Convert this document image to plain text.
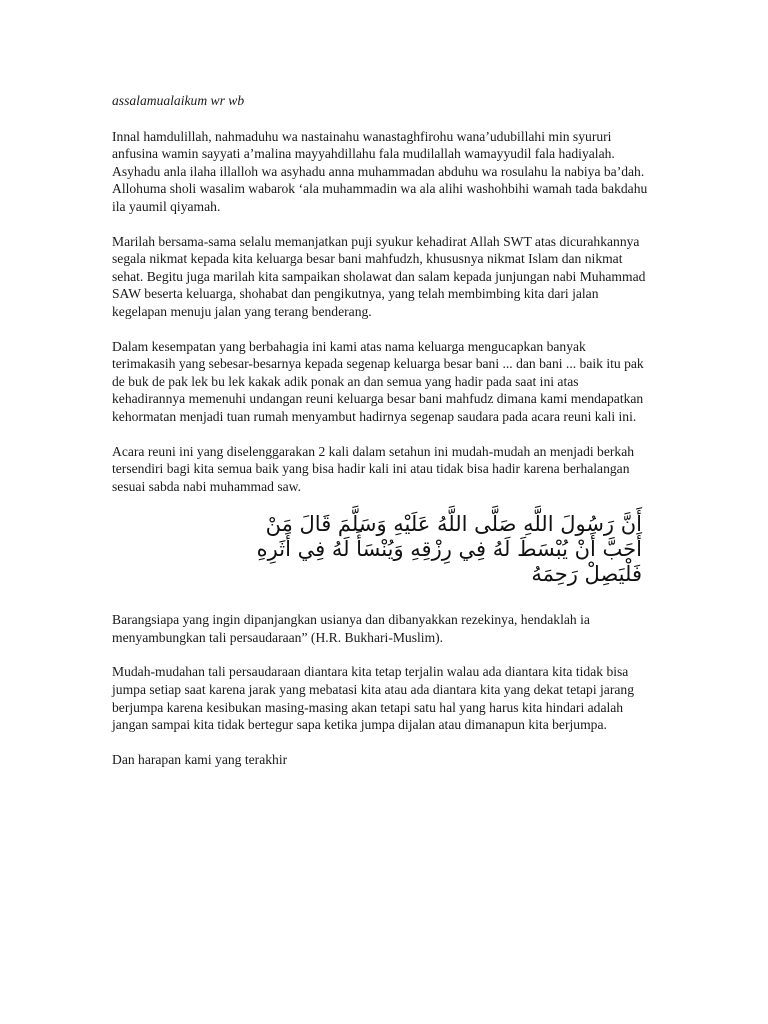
assalamualaikum wr wb

Innal hamdulillah, nahmaduhu wa nastainahu wanastaghfirohu wana’udubillahi min syururi anfusina wamin sayyati a’malina mayyahdillahu fala mudilallah wamayyudil fala hadiyalah. Asyhadu anla ilaha illalloh wa asyhadu anna muhammadan abduhu wa rosulahu la nabiya ba’dah. Allohuma sholi wasalim wabarok ‘ala muhammadin wa ala alihi washohbihi wamah tada bakdahu ila yaumil qiyamah.

Marilah bersama-sama selalu memanjatkan puji syukur kehadirat Allah SWT atas dicurahkannya segala nikmat kepada kita keluarga besar bani mahfudzh, khususnya nikmat Islam dan nikmat sehat. Begitu juga marilah kita sampaikan sholawat dan salam kepada junjungan nabi Muhammad SAW beserta keluarga, shohabat dan pengikutnya, yang telah membimbing kita dari jalan kegelapan menuju jalan yang terang benderang.

Dalam kesempatan yang berbahagia ini kami atas nama keluarga mengucapkan banyak terimakasih yang sebesar-besarnya kepada segenap keluarga besar bani ... dan bani ... baik itu pak de buk de pak lek bu lek kakak adik ponak an dan semua yang hadir pada saat ini atas kehadirannya memenuhi undangan reuni keluarga besar bani mahfudz dimana kami mendapatkan kehormatan menjadi tuan rumah menyambut hadirnya segenap saudara pada acara reuni kali ini.

Acara reuni ini yang diselenggarakan 2 kali dalam setahun ini mudah-mudah an menjadi berkah tersendiri bagi kita semua baik yang bisa hadir kali ini atau tidak bisa hadir karena berhalangan sesuai sabda nabi muhammad saw.

أَنَّ رَسُولَ اللَّهِ صَلَّى اللَّهُ عَلَيْهِ وَسَلَّمَ قَالَ مَنْ
أَحَبَّ أَنْ يُبْسَطَ لَهُ فِي رِزْقِهِ وَيُنْسَأَ لَهُ فِي أَثَرِهِ
فَلْيَصِلْ رَحِمَهُ

Barangsiapa yang ingin dipanjangkan usianya dan dibanyakkan rezekinya, hendaklah ia menyambungkan tali persaudaraan” (H.R. Bukhari-Muslim).

Mudah-mudahan tali persaudaraan diantara kita tetap terjalin walau ada diantara kita tidak bisa jumpa setiap saat karena jarak yang mebatasi kita atau ada diantara kita yang dekat tetapi jarang berjumpa karena kesibukan masing-masing akan tetapi satu hal yang harus kita hindari adalah jangan sampai kita tidak bertegur sapa ketika jumpa dijalan atau dimanapun kita berjumpa.

Dan harapan kami yang terakhir
